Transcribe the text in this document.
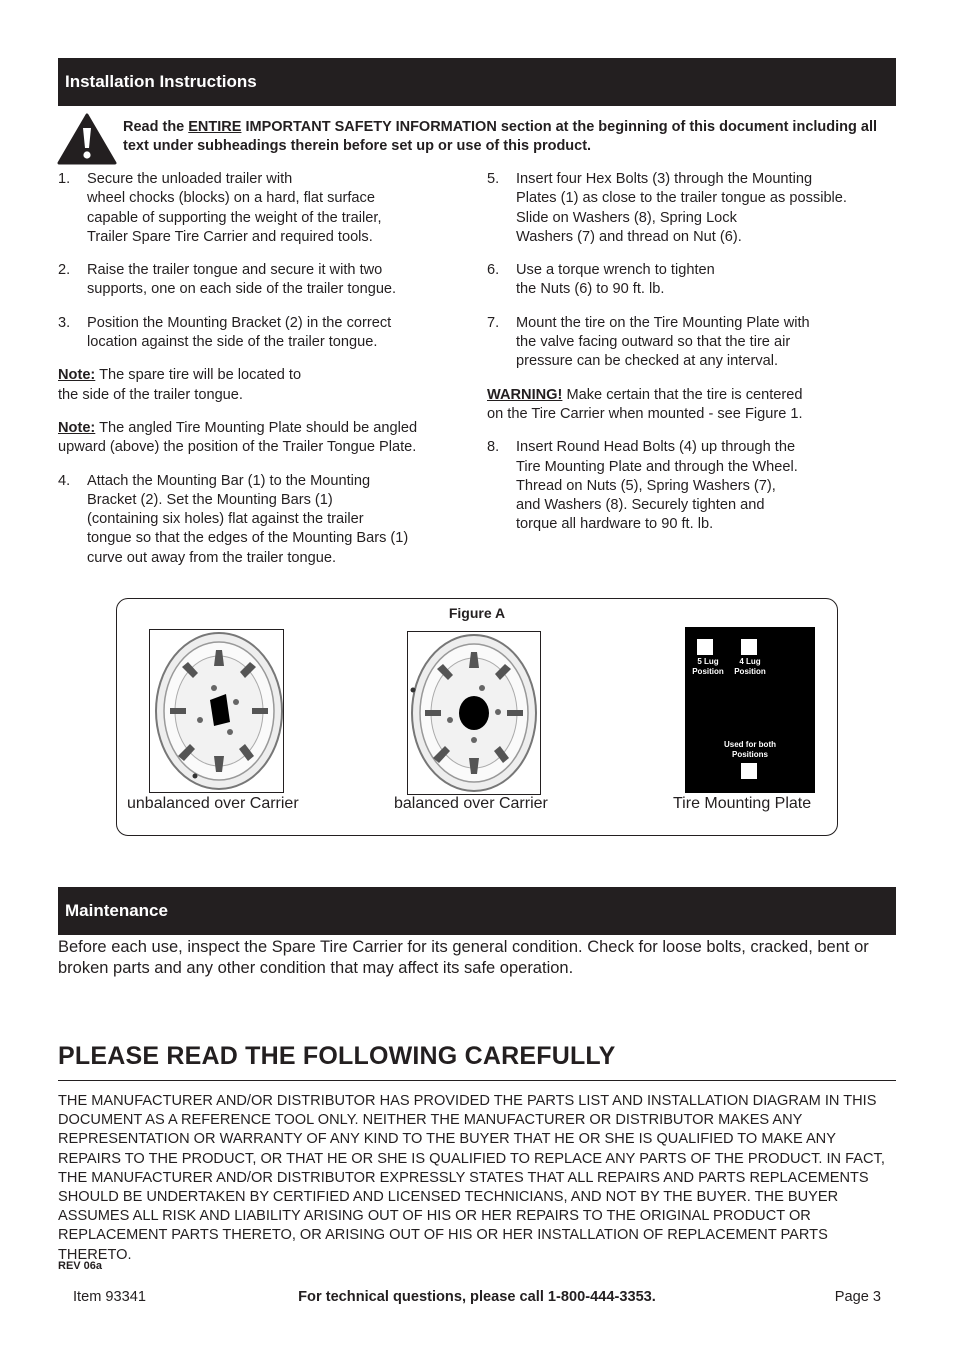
Installation Instructions
Read the ENTIRE IMPORTANT SAFETY INFORMATION section at the beginning of this document including all text under subheadings therein before set up or use of this product.
1.	Secure the unloaded trailer with
wheel chocks (blocks) on a hard, flat surface
capable of supporting the weight of the trailer,
Trailer Spare Tire Carrier and required tools.
2.	Raise the trailer tongue and secure it with two
supports, one on each side of the trailer tongue.
3.	Position the Mounting Bracket (2) in the correct
location against the side of the trailer tongue.
Note: The spare tire will be located to
the side of the trailer tongue.
Note: The angled Tire Mounting Plate should be angled
upward (above) the position of the Trailer Tongue Plate.
4.	Attach the Mounting Bar (1) to the Mounting
Bracket (2). Set the Mounting Bars (1)
(containing six holes) flat against the trailer
tongue so that the edges of the Mounting Bars (1)
curve out away from the trailer tongue.
5.	Insert four Hex Bolts (3) through the Mounting
Plates (1) as close to the trailer tongue as possible.
Slide on Washers (8), Spring Lock
Washers (7) and thread on Nut (6).
6.	Use a torque wrench to tighten
the Nuts (6) to 90 ft. lb.
7.	Mount the tire on the Tire Mounting Plate with
the valve facing outward so that the tire air
pressure can be checked at any interval.
WARNING! Make certain that the tire is centered
on the Tire Carrier when mounted - see Figure 1.
8.	Insert Round Head Bolts (4) up through the
Tire Mounting Plate and through the Wheel.
Thread on Nuts (5), Spring Washers (7),
and Washers (8). Securely tighten and
torque all hardware to 90 ft. lb.
Figure A
5 Lug
Position
4 Lug
Position
Used for both
Positions
unbalanced over Carrier	balanced over Carrier	Tire Mounting Plate
Maintenance
Before each use, inspect the Spare Tire Carrier for its general condition. Check for loose bolts, cracked, bent or broken parts and any other condition that may affect its safe operation.
PLEASE READ THE FOLLOWING CAREFULLY
THE MANUFACTURER AND/OR DISTRIBUTOR HAS PROVIDED THE PARTS LIST AND INSTALLATION DIAGRAM IN THIS DOCUMENT AS A REFERENCE TOOL ONLY. NEITHER THE MANUFACTURER OR DISTRIBUTOR MAKES ANY REPRESENTATION OR WARRANTY OF ANY KIND TO THE BUYER THAT HE OR SHE IS QUALIFIED TO MAKE ANY REPAIRS TO THE PRODUCT, OR THAT HE OR SHE IS QUALIFIED TO REPLACE ANY PARTS OF THE PRODUCT. IN FACT, THE MANUFACTURER AND/OR DISTRIBUTOR EXPRESSLY STATES THAT ALL REPAIRS AND PARTS REPLACEMENTS SHOULD BE UNDERTAKEN BY CERTIFIED AND LICENSED TECHNICIANS, AND NOT BY THE BUYER. THE BUYER ASSUMES ALL RISK AND LIABILITY ARISING OUT OF HIS OR HER REPAIRS TO THE ORIGINAL PRODUCT OR REPLACEMENT PARTS THERETO, OR ARISING OUT OF HIS OR HER INSTALLATION OF REPLACEMENT PARTS THERETO.
REV 06a
For technical questions, please call 1-800-444-3353.
Item 93341	Page 3
